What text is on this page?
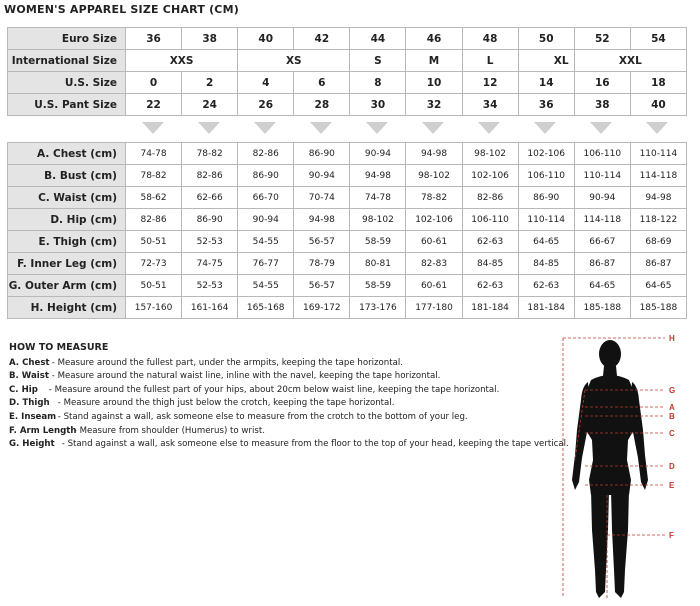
WOMEN'S APPAREL SIZE CHART (CM)
Euro Size	36	38	40	42	44	46	48	50	52	54	
International Size	XXS		XS		S	M	L	XL	XXL	
U.S. Size	0	2	4	6	8	10	12	14	16	18	
U.S. Pant Size	22	24	26	28	30	32	34	36	38	40	
A. Chest (cm)	74-78	78-82	82-86	86-90	90-94	94-98	98-102	102-106	106-110	110-114
B. Bust (cm)	78-82	82-86	86-90	90-94	94-98	98-102	102-106	106-110	110-114	114-118
C. Waist (cm)	58-62	62-66	66-70	70-74	74-78	78-82	82-86	86-90	90-94	94-98
D. Hip (cm)	82-86	86-90	90-94	94-98	98-102	102-106	106-110	110-114	114-118	118-122
E. Thigh (cm)	50-51	52-53	54-55	56-57	58-59	60-61	62-63	64-65	66-67	68-69
F. Inner Leg (cm)	72-73	74-75	76-77	78-79	80-81	82-83	84-85	84-85	86-87	86-87
G. Outer Arm (cm)	50-51	52-53	54-55	56-57	58-59	60-61	62-63	62-63	64-65	64-65
H. Height (cm)	157-160	161-164	165-168	169-172	173-176	177-180	181-184	181-184	185-188	185-188
HOW TO MEASURE
A. Chest - Measure around the fullest part, under the armpits, keeping the tape horizontal.
B. Waist - Measure around the natural waist line, inline with the navel, keeping the tape horizontal.
C. Hip - Measure around the fullest part of your hips, about 20cm below waist line, keeping the tape horizontal.
D. Thigh - Measure around the thigh just below the crotch, keeping the tape horizontal.
E. Inseam - Stand against a wall, ask someone else to measure from the crotch to the bottom of your leg.
F. Arm Length - Measure from shoulder (Humerus) to wrist.
G. Height - Stand against a wall, ask someone else to measure from the floor to the top of your head, keeping the tape vertical.
H
G
A
B
C
D
E
F
